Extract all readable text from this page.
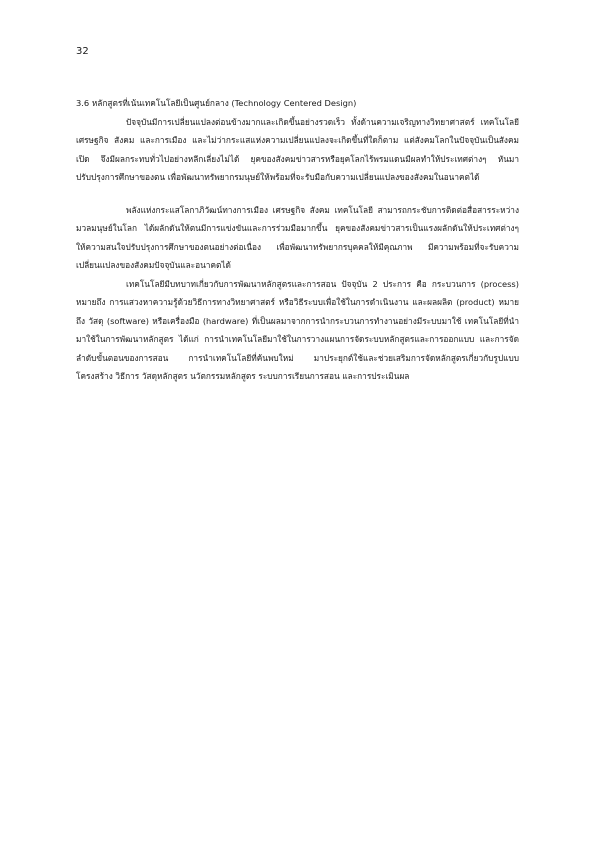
32

3.6 หลักสูตรที่เน้นเทคโนโลยีเป็นศูนย์กลาง (Technology Centered Design)

ปัจจุบันมีการเปลี่ยนแปลงต่อนข้างมากและเกิดขึ้นอย่างรวดเร็ว ทั้งด้านความเจริญทางวิทยาศาสตร์ เทคโนโลยี เศรษฐกิจ สังคม และการเมือง และไม่ว่ากระแสแห่งความเปลี่ยนแปลงจะเกิดขึ้นที่ใดก็ตาม แต่สังคมโลกในปัจจุบันเป็นสังคมเปิด จึงมีผลกระทบทั่วไปอย่างหลีกเลี่ยงไม่ได้ ยุคของสังคมข่าวสารหรือยุคโลกไร้พรมแดนมีผลทำให้ประเทศต่างๆ หันมาปรับปรุงการศึกษาของตน เพื่อพัฒนาทรัพยากรมนุษย์ให้พร้อมที่จะรับมือกับความเปลี่ยนแปลงของสังคมในอนาคตได้

พลังแห่งกระแสโลกาภิวัฒน์ทางการเมือง เศรษฐกิจ สังคม เทคโนโลยี สามารถกระชับการติดต่อสื่อสารระหว่างมวลมนุษย์ในโลก ได้ผลักดันให้ตนมีการแข่งขันและการร่วมมือมากขึ้น ยุคของสังคมข่าวสารเป็นแรงผลักดันให้ประเทศต่างๆ ให้ความสนใจปรับปรุงการศึกษาของตนอย่างต่อเนื่อง เพื่อพัฒนาทรัพยากรบุคคลให้มีคุณภาพ มีความพร้อมที่จะรับความเปลี่ยนแปลงของสังคมปัจจุบันและอนาคตได้

เทคโนโลยีมีบทบาทเกี่ยวกับการพัฒนาหลักสูตรและการสอน ปัจจุบัน 2 ประการ คือ กระบวนการ (process) หมายถึง การแสวงหาความรู้ด้วยวิธีการทางวิทยาศาสตร์ หรือวิธีระบบเพื่อใช้ในการดำเนินงาน และผลผลิต (product) หมายถึง วัสดุ (software) หรือเครื่องมือ (hardware) ที่เป็นผลมาจากการนำกระบวนการทำงานอย่างมีระบบมาใช้ เทคโนโลยีที่นำมาใช้ในการพัฒนาหลักสูตร ได้แก่ การนำเทคโนโลยีมาใช้ในการวางแผนการจัดระบบหลักสูตรและการออกแบบ และการจัดลำดับขั้นตอนของการสอน การนำเทคโนโลยีที่ค้นพบใหม่ มาประยุกต์ใช้และช่วยเสริมการจัดหลักสูตรเกี่ยวกับรูปแบบ โครงสร้าง วิธีการ วัสดุหลักสูตร นวัตกรรมหลักสูตร ระบบการเรียนการสอน และการประเมินผล
